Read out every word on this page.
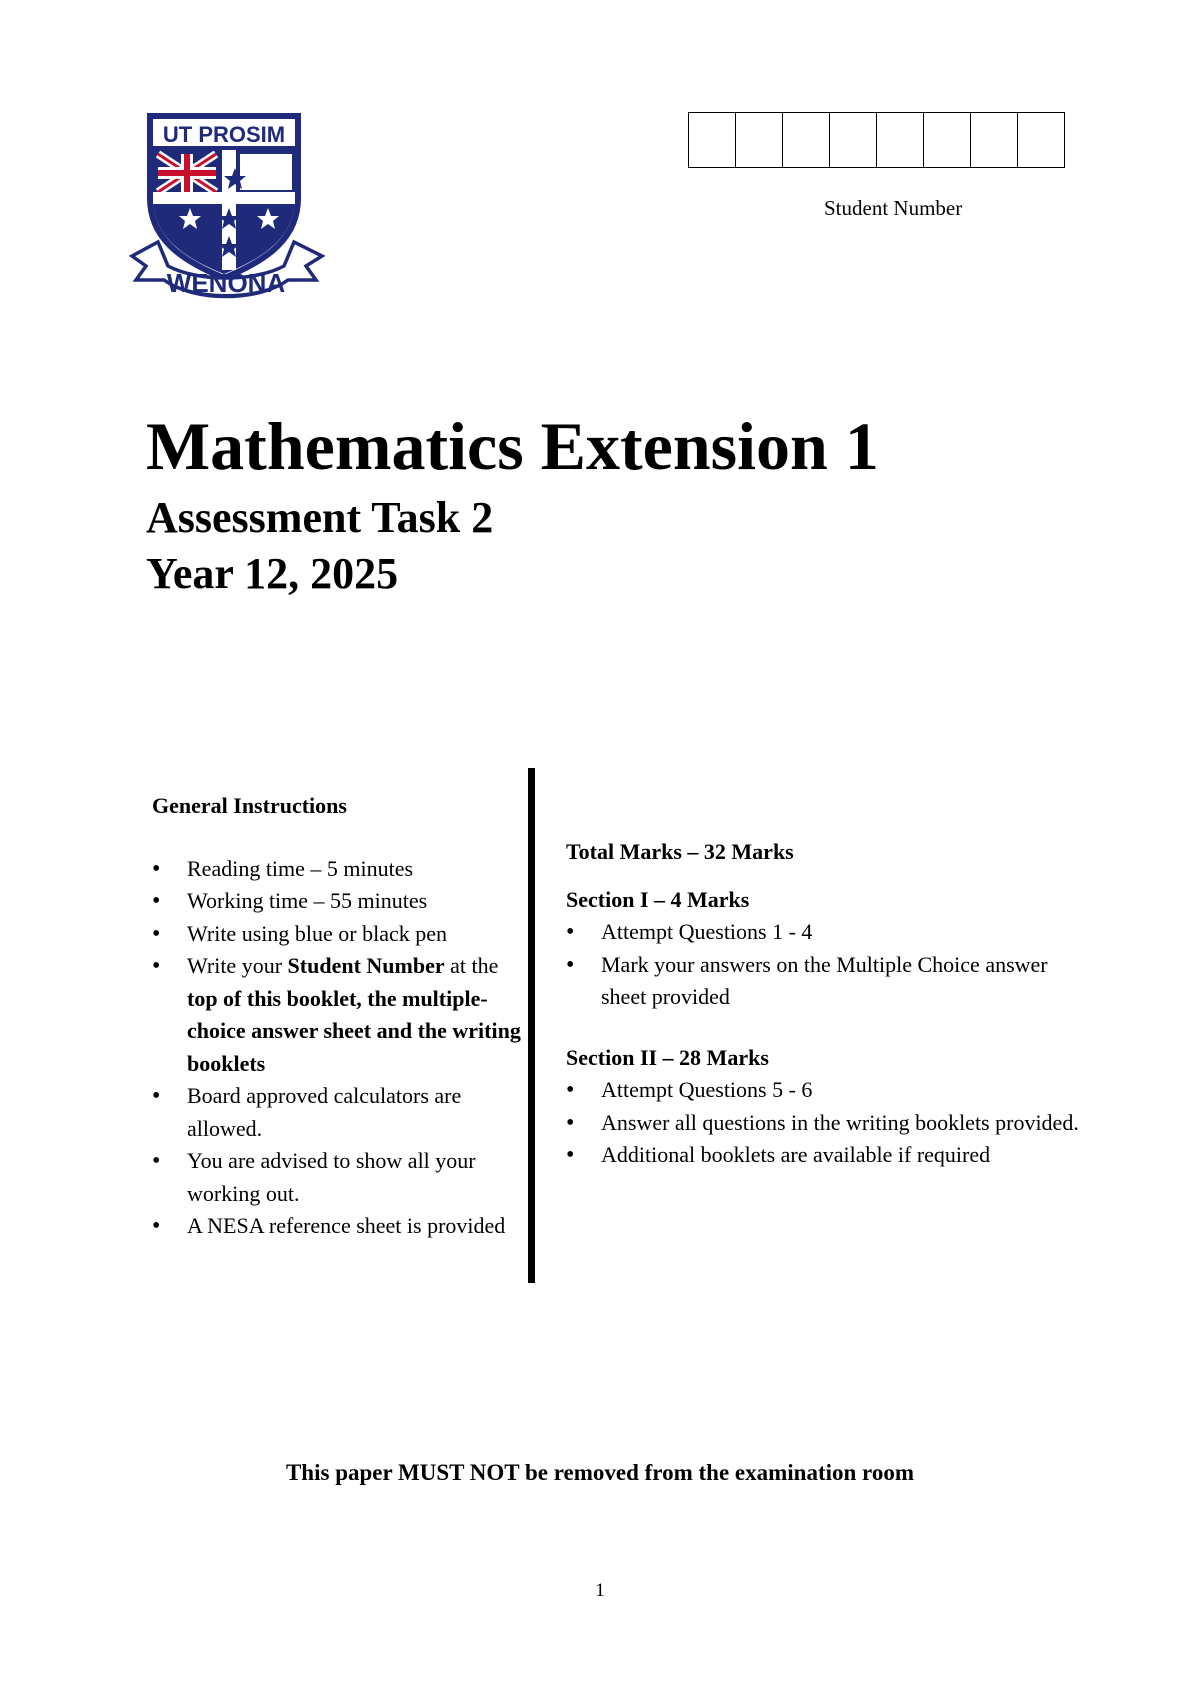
UT PROSIM
WENONA
Student Number
Mathematics Extension 1
Assessment Task 2
Year 12, 2025
General Instructions
• Reading time – 5 minutes
• Working time – 55 minutes
• Write using blue or black pen
• Write your Student Number at the top of this booklet, the multiple-choice answer sheet and the writing booklets
• Board approved calculators are allowed.
• You are advised to show all your working out.
• A NESA reference sheet is provided
Total Marks – 32 Marks
Section I – 4 Marks
• Attempt Questions 1 - 4
• Mark your answers on the Multiple Choice answer sheet provided
Section II – 28 Marks
• Attempt Questions 5 - 6
• Answer all questions in the writing booklets provided.
• Additional booklets are available if required
This paper MUST NOT be removed from the examination room
1
